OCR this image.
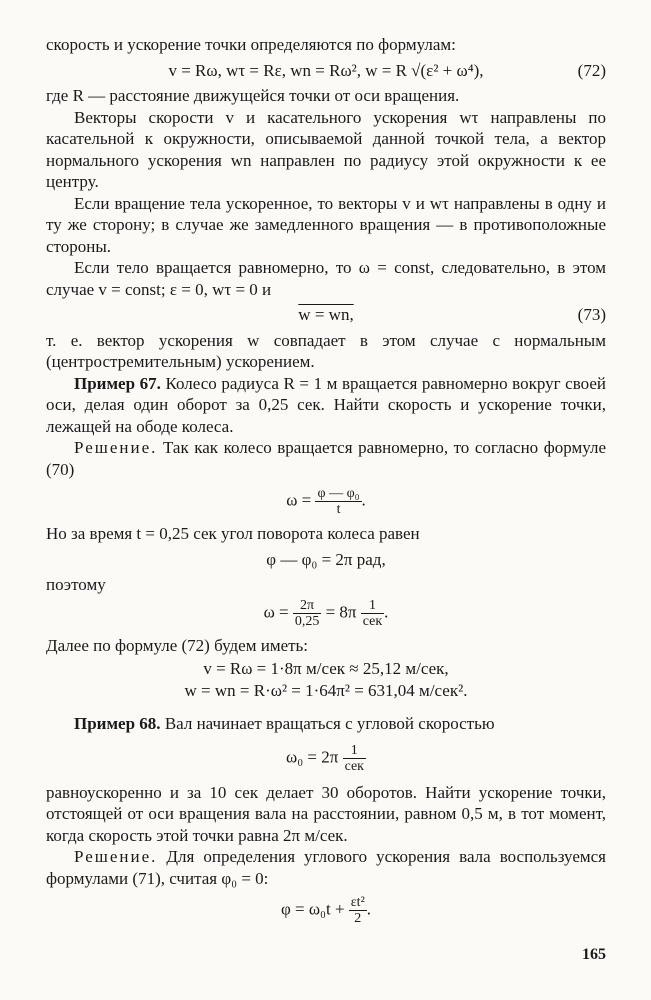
скорость и ускорение точки определяются по формулам:

v = Rω, wτ = Rε, wn = Rω², w = R √(ε² + ω⁴),	(72)

где R — расстояние движущейся точки от оси вращения.

Векторы скорости v и касательного ускорения wτ направлены по касательной к окружности, описываемой данной точкой тела, а вектор нормального ускорения wn направлен по радиусу этой окружности к ее центру.

Если вращение тела ускоренное, то векторы v и wτ направлены в одну и ту же сторону; в случае же замедленного вращения — в противоположные стороны.

Если тело вращается равномерно, то ω = const, следовательно, в этом случае v = const; ε = 0, wτ = 0 и

w = wn,	(73)

т. е. вектор ускорения w совпадает в этом случае с нормальным (центростремительным) ускорением.

Пример 67. Колесо радиуса R = 1 м вращается равномерно вокруг своей оси, делая один оборот за 0,25 сек. Найти скорость и ускорение точки, лежащей на ободе колеса.

Решение. Так как колесо вращается равномерно, то согласно формуле (70)

$\omega = \frac{\text{φ — φ₀}}{t}$ .

Но за время t = 0,25 сек угол поворота колеса равен

φ — φ₀ = 2π рад,

поэтому

$\omega = \frac{2\pi}{0,25} = 8\pi \frac{1}{\text{сек}}$ .

Далее по формуле (72) будем иметь:

v = Rω = 1·8π м/сек ≈ 25,12 м/сек,
w = wn = R·ω² = 1·64π² = 631,04 м/сек².

Пример 68. Вал начинает вращаться с угловой скоростью

$\omega_0 = 2\pi \frac{1}{\text{сек}}$

равноускоренно и за 10 сек делает 30 оборотов. Найти ускорение точки, отстоящей от оси вращения вала на расстоянии, равном 0,5 м, в тот момент, когда скорость этой точки равна 2π м/сек.

Решение. Для определения углового ускорения вала воспользуемся формулами (71), считая φ₀ = 0:

$\varphi = \omega_0t + \frac{\text{εt²}}{2}$ .
165
